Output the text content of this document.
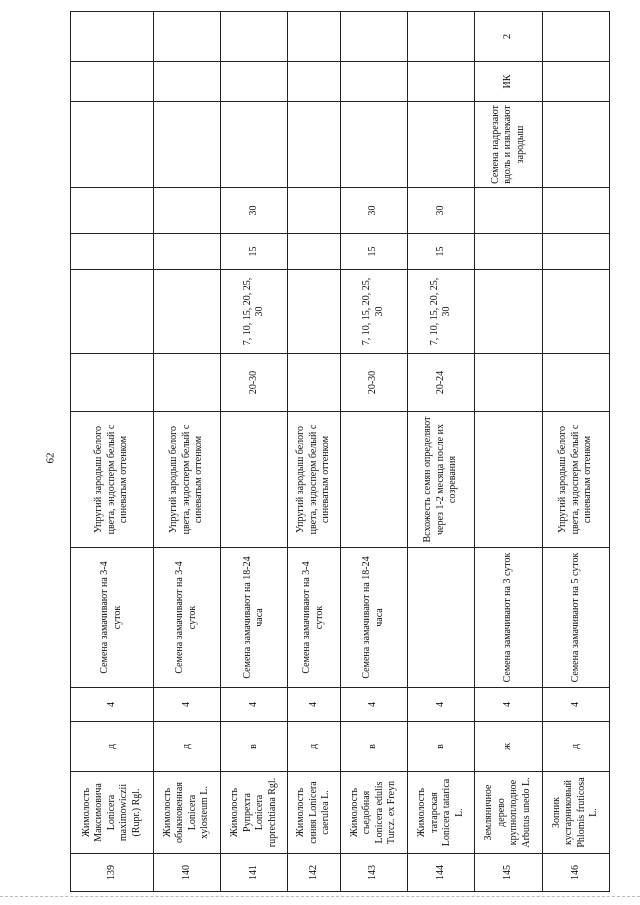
62
139	Жимолость Максимовича Lonicera maximowiczii (Rupr.) Rgl.	д	4	Семена замачивают на 3-4 суток	Упругий зародыш белого цвета, эндосперм белый с синеватым оттенком							
140	Жимолость обыкновенная Lonicera xylosteum L.	д	4	Семена замачивают на 3-4 суток	Упругий зародыш белого цвета, эндосперм белый с синеватым оттенком							
141	Жимолость Рупрехта Lonicera ruprechtiana Rgl.	в	4	Семена замачивают на 18-24 часа		20-30	7, 10, 15, 20, 25, 30	15	30			
142	Жимолость синяя Lonicera caerulea L.	д	4	Семена замачивают на 3-4 суток	Упругий зародыш белого цвета, эндосперм белый с синеватым оттенком							
143	Жимолость съедобная Lonicera edulis Turcz. ex Freyn	в	4	Семена замачивают на 18-24 часа		20-30	7, 10, 15, 20, 25, 30	15	30			
144	Жимолость татарская Lonicera tatarica L.	в	4		Всхожесть семян определяют через 1-2 месяца после их созревания	20-24	7, 10, 15, 20, 25, 30	15	30			
145	Земляничное дерево крупноплодное Arbutus unedo L.	ж	4	Семена замачивают на 3 суток						Семена надрезают вдоль и извлекают зародыш	ИК	2
146	Зопник кустарниковый Phlomis fruticosa L.	д	4	Семена замачивают на 5 суток	Упругий зародыш белого цвета, эндосперм белый с синеватым оттенком							
